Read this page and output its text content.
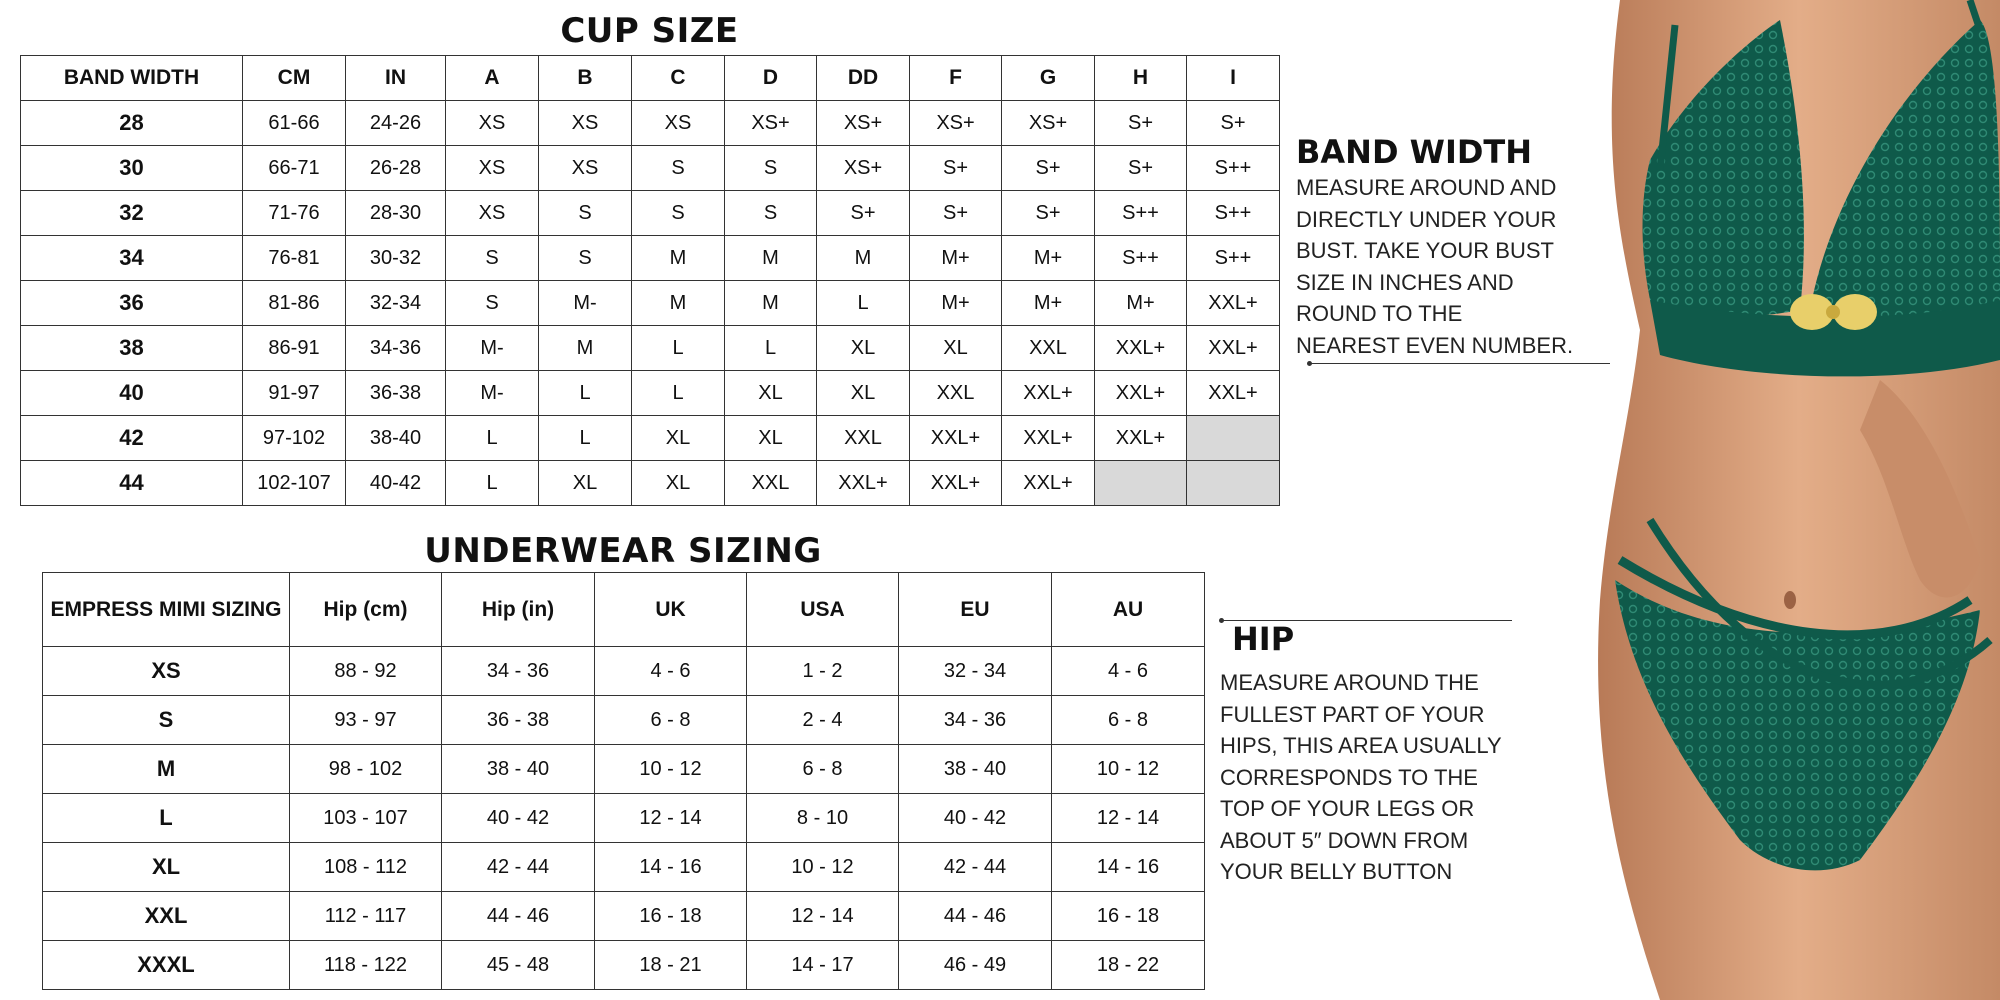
CUP SIZE
BAND WIDTH	CM	IN	A	B	C	D	DD	F	G	H	I
28	61-66	24-26	XS	XS	XS	XS+	XS+	XS+	XS+	S+	S+
30	66-71	26-28	XS	XS	S	S	XS+	S+	S+	S+	S++
32	71-76	28-30	XS	S	S	S	S+	S+	S+	S++	S++
34	76-81	30-32	S	S	M	M	M	M+	M+	S++	S++
36	81-86	32-34	S	M-	M	M	L	M+	M+	M+	XXL+
38	86-91	34-36	M-	M	L	L	XL	XL	XXL	XXL+	XXL+
40	91-97	36-38	M-	L	L	XL	XL	XXL	XXL+	XXL+	XXL+
42	97-102	38-40	L	L	XL	XL	XXL	XXL+	XXL+	XXL+	
44	102-107	40-42	L	XL	XL	XXL	XXL+	XXL+	XXL+		
UNDERWEAR SIZING
EMPRESS MIMI SIZING	Hip (cm)	Hip (in)	UK	USA	EU	AU
XS	88 - 92	34 - 36	4 - 6	1 - 2	32 - 34	4 - 6
S	93 - 97	36 - 38	6 - 8	2 - 4	34 - 36	6 - 8
M	98 - 102	38 - 40	10 - 12	6 - 8	38 - 40	10 - 12
L	103 - 107	40 - 42	12 - 14	8 - 10	40 - 42	12 - 14
XL	108 - 112	42 - 44	14 - 16	10 - 12	42 - 44	14 - 16
XXL	112 - 117	44 - 46	16 - 18	12 - 14	44 - 46	16 - 18
XXXL	118 - 122	45 - 48	18 - 21	14 - 17	46 - 49	18 - 22
BAND WIDTH

MEASURE AROUND AND
DIRECTLY UNDER YOUR
BUST. TAKE YOUR BUST
SIZE IN INCHES AND
ROUND TO THE
NEAREST EVEN NUMBER.

HIP

MEASURE AROUND THE
FULLEST PART OF YOUR
HIPS, THIS AREA USUALLY
CORRESPONDS TO THE
TOP OF YOUR LEGS OR
ABOUT 5″ DOWN FROM
YOUR BELLY BUTTON
